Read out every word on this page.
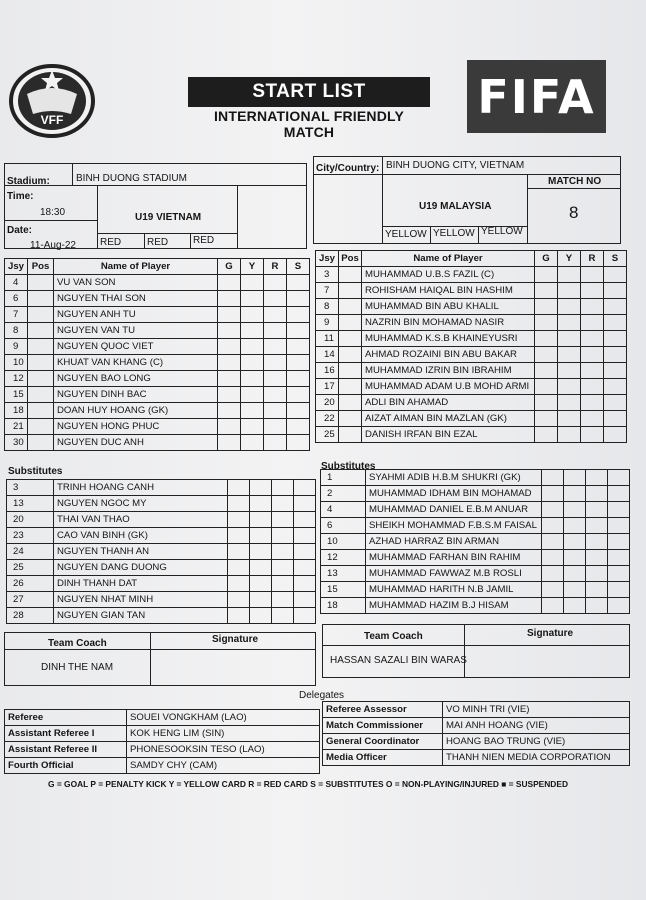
VFF
START LIST
INTERNATIONAL FRIENDLY MATCH
FIFA
Stadium:	BINH DUONG STADIUM
Time:
18:30
Date:
11-Aug-22
U19 VIETNAM
RED	RED RED
City/Country: BINH DUONG CITY, VIETNAM
U19 MALAYSIA
MATCH NO
8
YELLOW YELLOW YELLOW
Jsy	Pos	Name of Player	G	Y	R	S
4		VU VAN SON				
6		NGUYEN THAI SON				
7		NGUYEN ANH TU				
8		NGUYEN VAN TU				
9		NGUYEN QUOC VIET				
10		KHUAT VAN KHANG (C)				
12		NGUYEN BAO LONG				
15		NGUYEN DINH BAC				
18		DOAN HUY HOANG (GK)				
21		NGUYEN HONG PHUC				
30		NGUYEN DUC ANH				
Jsy	Pos	Name of Player	G	Y	R	S
3		MUHAMMAD U.B.S FAZIL (C)				
7		ROHISHAM HAIQAL BIN HASHIM				
8		MUHAMMAD BIN ABU KHALIL				
9		NAZRIN BIN MOHAMAD NASIR				
11		MUHAMMAD K.S.B KHAINEYUSRI				
14		AHMAD ROZAINI BIN ABU BAKAR				
16		MUHAMMAD IZRIN BIN IBRAHIM				
17		MUHAMMAD ADAM U.B MOHD ARMI				
20		ADLI BIN AHAMAD				
22		AIZAT AIMAN BIN MAZLAN (GK)				
25		DANISH IRFAN BIN EZAL				
Substitutes
3	TRINH HOANG CANH				
13	NGUYEN NGOC MY				
20	THAI VAN THAO				
23	CAO VAN BINH (GK)				
24	NGUYEN THANH AN				
25	NGUYEN DANG DUONG				
26	DINH THANH DAT				
27	NGUYEN NHAT MINH				
28	NGUYEN GIAN TAN				
Substitutes
1	SYAHMI ADIB H.B.M SHUKRI (GK)				
2	MUHAMMAD IDHAM BIN MOHAMAD				
4	MUHAMMAD DANIEL E.B.M ANUAR				
6	SHEIKH MOHAMMAD F.B.S.M FAISAL				
10	AZHAD HARRAZ BIN ARMAN				
12	MUHAMMAD FARHAN BIN RAHIM				
13	MUHAMMAD FAWWAZ M.B ROSLI				
15	MUHAMMAD HARITH N.B JAMIL				
18	MUHAMMAD HAZIM B.J HISAM				
Team Coach	Signature
DINH THE NAM
Team Coach	Signature
HASSAN SAZALI BIN WARAS
Delegates
Referee	SOUEI VONGKHAM (LAO)
Assistant Referee I	KOK HENG LIM (SIN)
Assistant Referee II	PHONESOOKSIN TESO (LAO)
Fourth Official	SAMDY CHY (CAM)
Referee Assessor	VO MINH TRI (VIE)
Match Commissioner	MAI ANH HOANG (VIE)
General Coordinator	HOANG BAO TRUNG (VIE)
Media Officer	THANH NIEN MEDIA CORPORATION
G = GOAL P = PENALTY KICK Y = YELLOW CARD R = RED CARD S = SUBSTITUTES O = NON-PLAYING/INJURED ■ = SUSPENDED
